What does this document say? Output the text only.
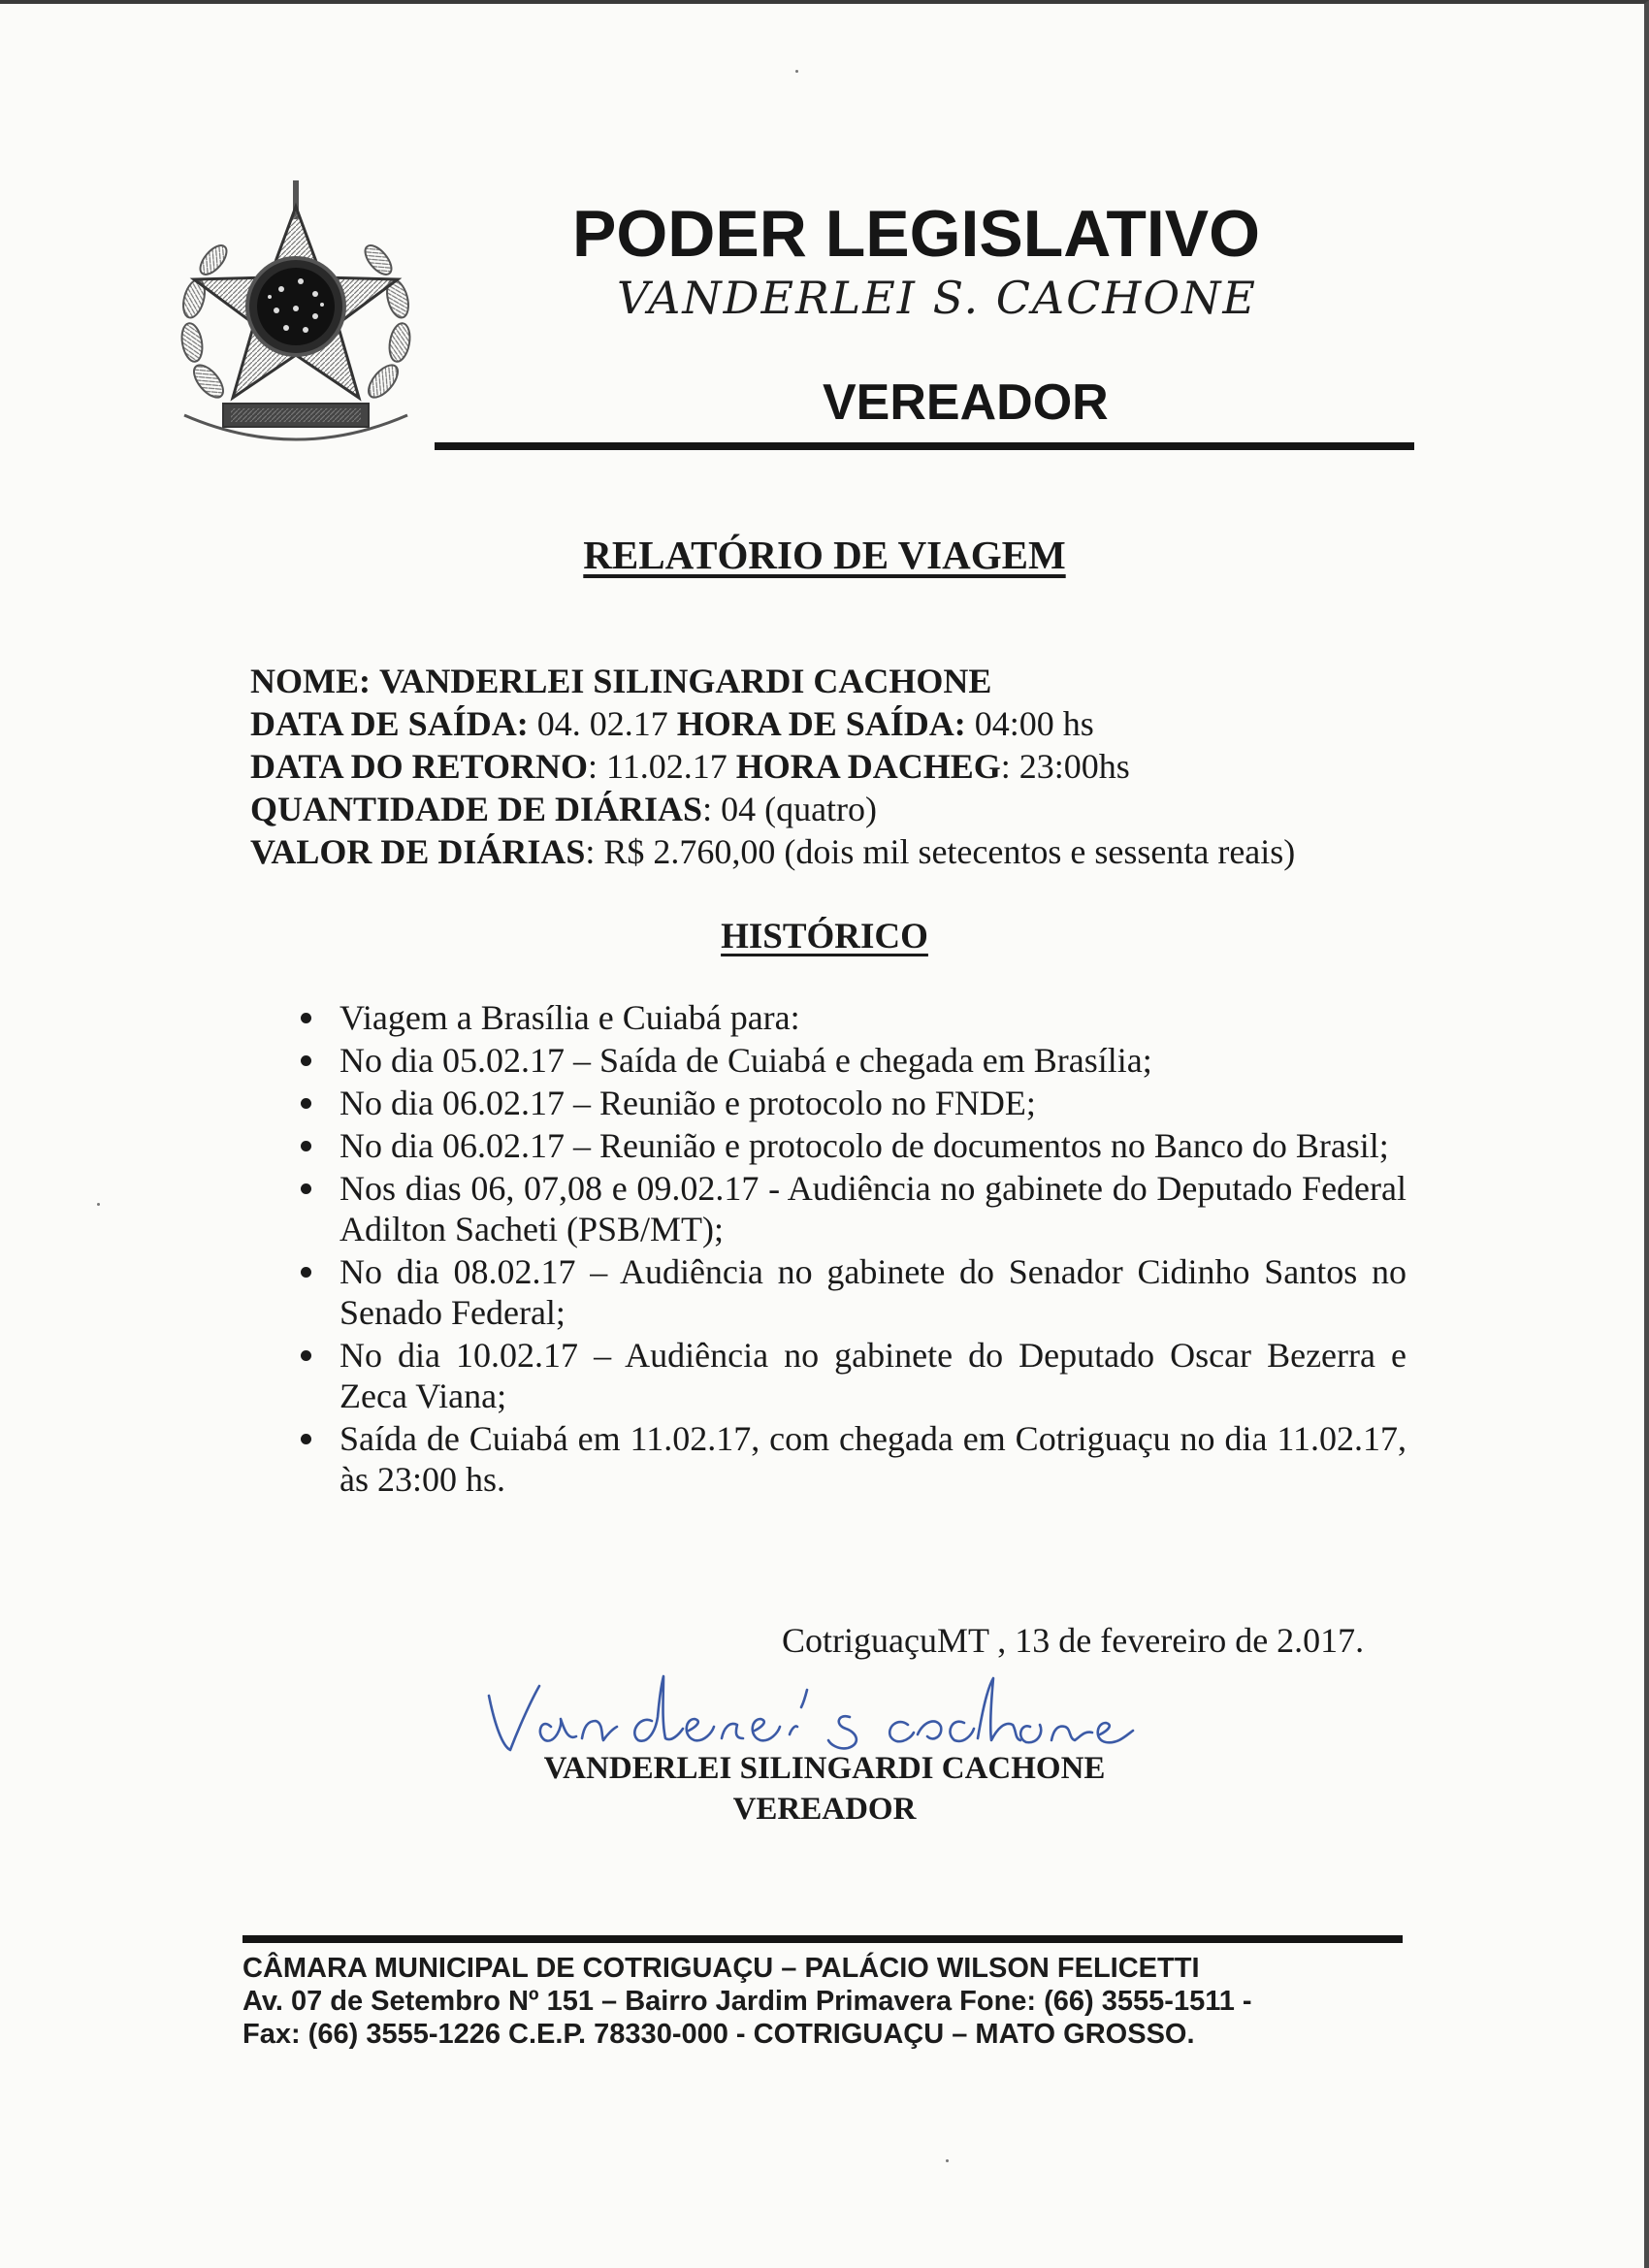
PODER LEGISLATIVO
VANDERLEI S. CACHONE
VEREADOR
RELATÓRIO DE VIAGEM
NOME: VANDERLEI SILINGARDI CACHONE
DATA DE SAÍDA: 04. 02.17 HORA DE SAÍDA: 04:00 hs
DATA DO RETORNO: 11.02.17 HORA DACHEG: 23:00hs
QUANTIDADE DE DIÁRIAS: 04 (quatro)
VALOR DE DIÁRIAS: R$ 2.760,00 (dois mil setecentos e sessenta reais)
HISTÓRICO
Viagem a Brasília e Cuiabá para:
No dia 05.02.17 – Saída de Cuiabá e chegada em Brasília;
No dia 06.02.17 – Reunião e protocolo no FNDE;
No dia 06.02.17 – Reunião e protocolo de documentos no Banco do Brasil;
Nos dias 06, 07,08 e 09.02.17 - Audiência no gabinete do Deputado Federal Adilton Sacheti (PSB/MT);
No dia 08.02.17 – Audiência no gabinete do Senador Cidinho Santos no Senado Federal;
No dia 10.02.17 – Audiência no gabinete do Deputado Oscar Bezerra e Zeca Viana;
Saída de Cuiabá em 11.02.17, com chegada em Cotriguaçu no dia 11.02.17, às 23:00 hs.
CotriguaçuMT , 13 de fevereiro de 2.017.
VANDERLEI SILINGARDI CACHONE
VEREADOR
CÂMARA MUNICIPAL DE COTRIGUAÇU – PALÁCIO WILSON FELICETTI
Av. 07 de Setembro Nº 151 – Bairro Jardim Primavera Fone: (66) 3555-1511 -
Fax: (66) 3555-1226 C.E.P. 78330-000 - COTRIGUAÇU – MATO GROSSO.
